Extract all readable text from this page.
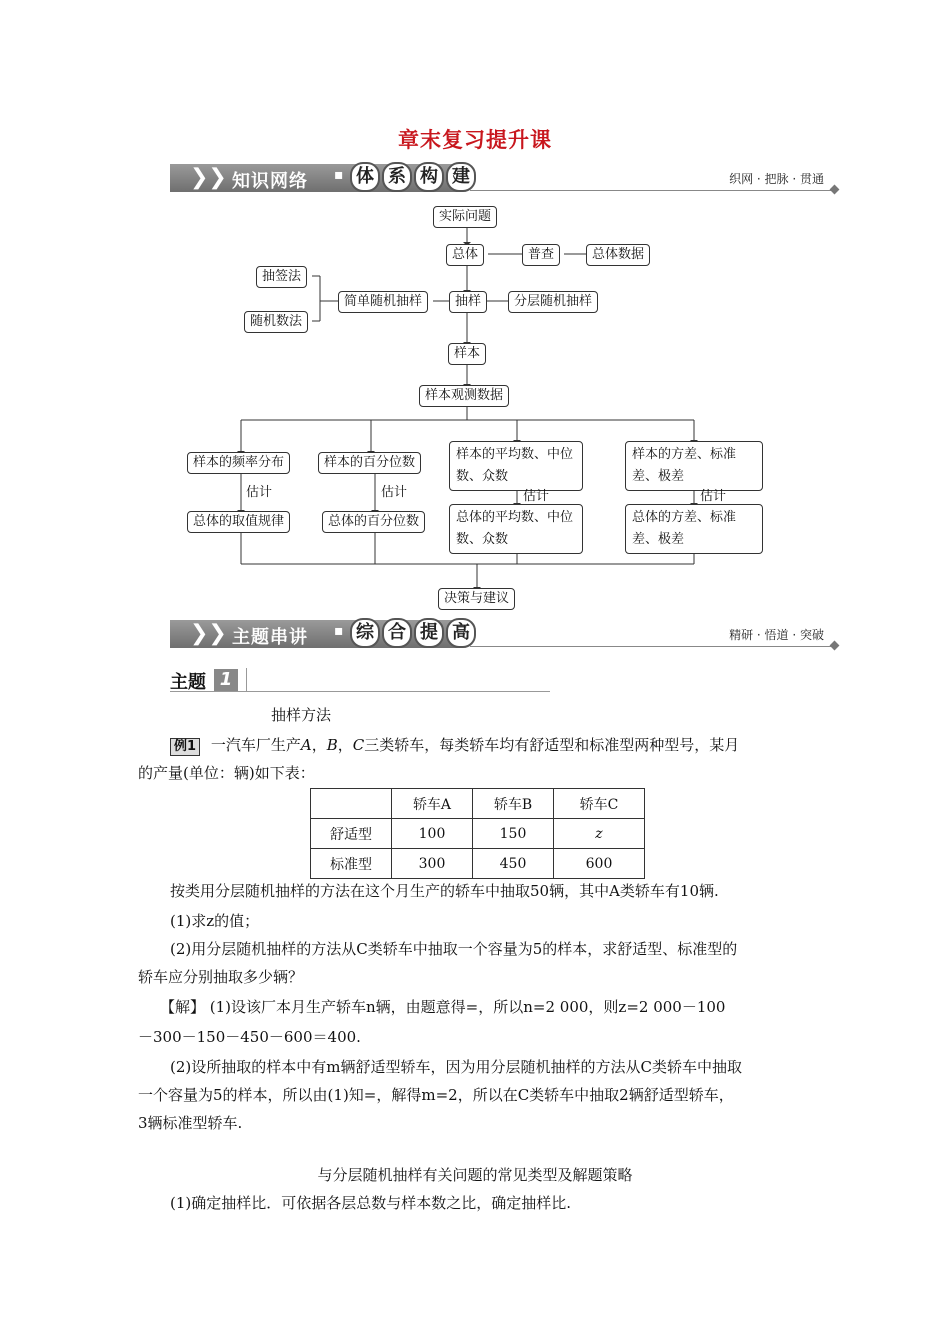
章末复习提升课
❯❯ 知识网络 ▪ 体 系 构 建	织网 · 把脉 · 贯通
实际问题
总体	普查	总体数据
抽签法
随机数法
简单随机抽样	抽样	分层随机抽样
样本
样本观测数据
样本的频率分布	样本的百分位数
样本的平均数、中位数、众数
样本的方差、标准差、极差
估计	估计	估计	估计
总体的取值规律	总体的百分位数	总体的平均数、中位数、众数
总体的方差、标准差、极差
决策与建议
❯❯ 主题串讲 ▪ 综 合 提 高	精研 · 悟道 · 突破
主题 1

抽样方法

例1 一汽车厂生产A，B，C三类轿车，每类轿车均有舒适型和标准型两种型号，某月

的产量(单位：辆)如下表：

	轿车A	轿车B	轿车C
舒适型	100	150	z
标准型	300	450	600

按类用分层随机抽样的方法在这个月生产的轿车中抽取50辆，其中A类轿车有10辆.

(1)求z的值；

(2)用分层随机抽样的方法从C类轿车中抽取一个容量为5的样本，求舒适型、标准型的

轿车应分别抽取多少辆？

【解】 (1)设该厂本月生产轿车n辆，由题意得=，所以n=2 000，则z=2 000－100

－300－150－450－600＝400.

(2)设所抽取的样本中有m辆舒适型轿车，因为用分层随机抽样的方法从C类轿车中抽取

一个容量为5的样本，所以由(1)知=，解得m=2，所以在C类轿车中抽取2辆舒适型轿车，

3辆标准型轿车.

与分层随机抽样有关问题的常见类型及解题策略

(1)确定抽样比．可依据各层总数与样本数之比，确定抽样比.
